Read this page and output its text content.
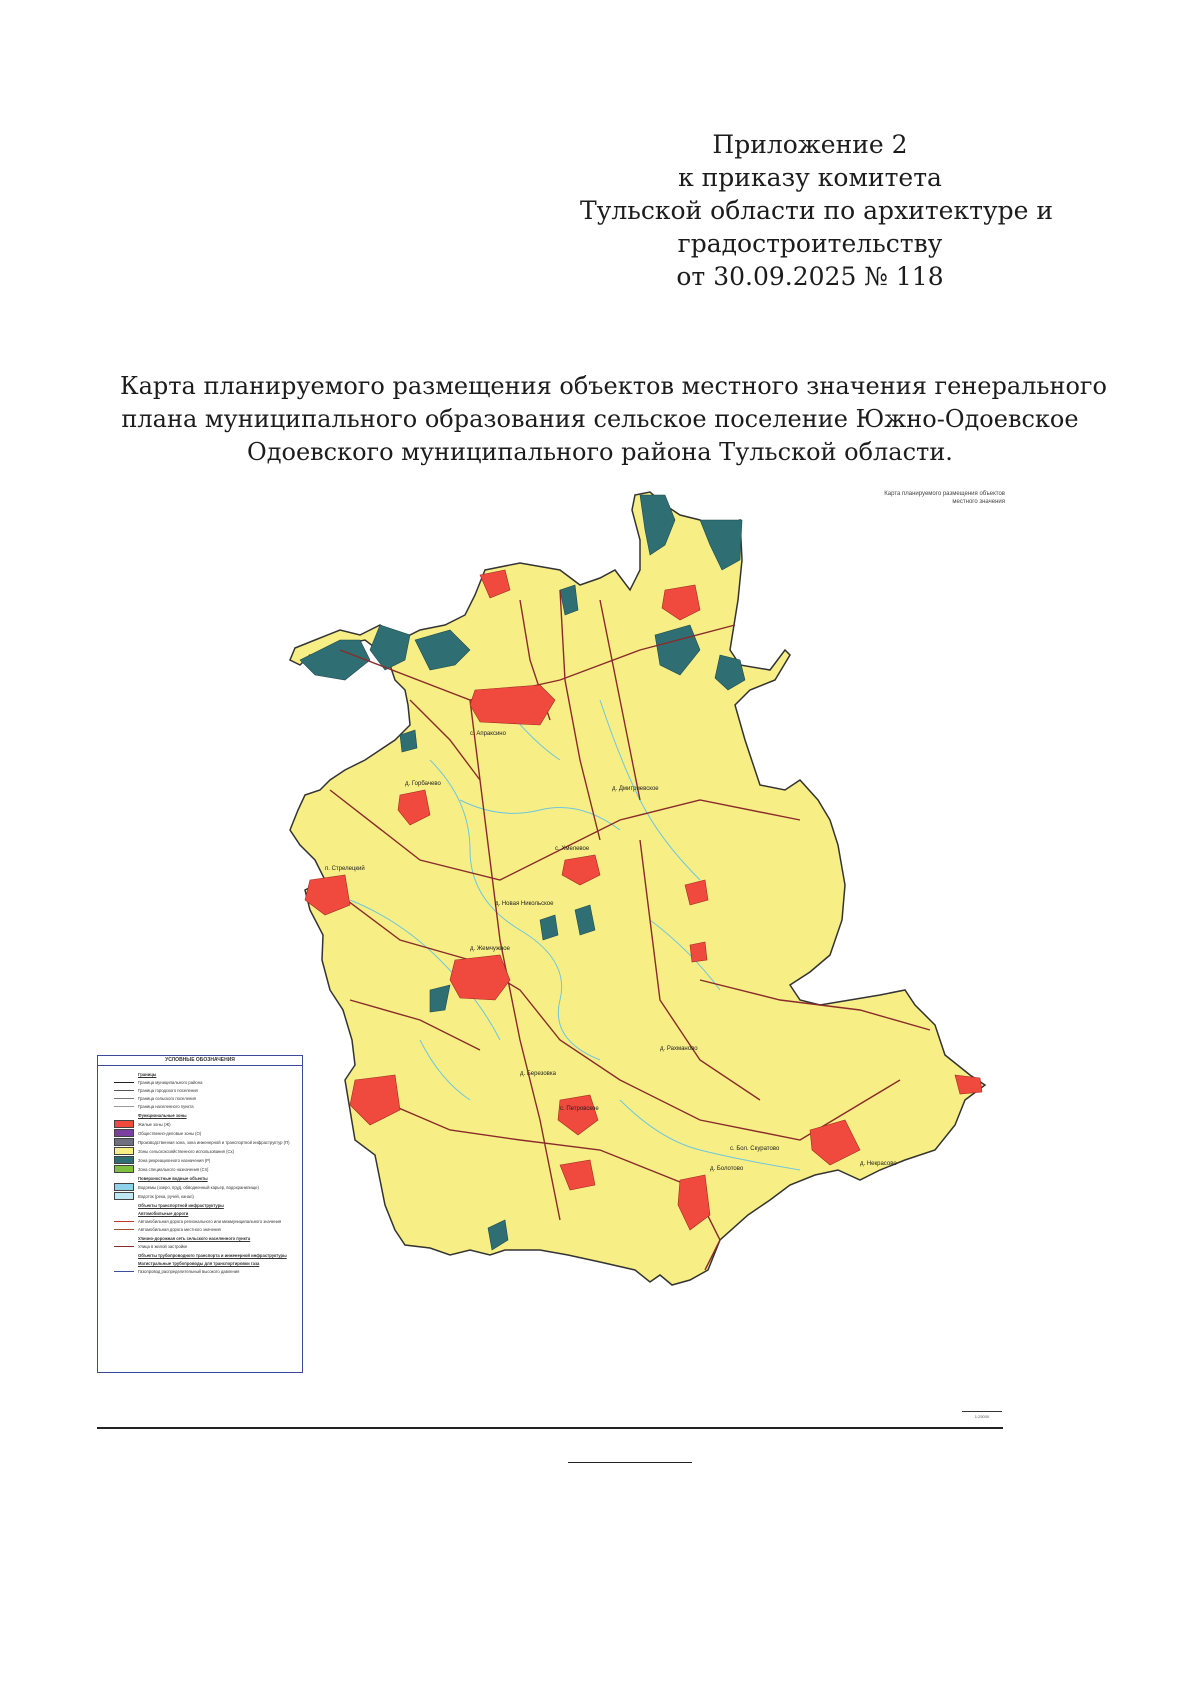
Приложение 2
к приказу комитета
Тульской области по архитектуре и
градостроительству
от 30.09.2025 № 118
Карта планируемого размещения объектов местного значения генерального
плана муниципального образования сельское поселение Южно-Одоевское
Одоевского муниципального района Тульской области.
п. Стрелецкий
д. Горбачево
с. Апраксино
д. Жемчужное
д. Новая Никольское
с. Хмелевое
д. Дмитриевское
д. Березовка
с. Петровское
д. Рахманово
д. Болотово
с. Бол. Скуратово
д. Некрасово
Карта планируемого размещения объектов
местного значения
УСЛОВНЫЕ ОБОЗНАЧЕНИЯ
Границы
Граница муниципального района
Граница городского поселения
Граница сельского поселения
Граница населенного пункта
Функциональные зоны
Жилые зоны (Ж)
Общественно-деловые зоны (О)
Производственная зона, зона инженерной и транспортной инфраструктур (П)
Зоны сельскохозяйственного использования (Сх)
Зона рекреационного назначения (Р)
Зона специального назначения (Сп)
Поверхностные водные объекты
Водоемы (озеро, пруд, обводненный карьер, водохранилище)
Водоток (река, ручей, канал)
Объекты транспортной инфраструктуры
Автомобильные дороги
Автомобильная дорога регионального или межмуниципального значения
Автомобильная дорога местного значения
Улично-дорожная сеть сельского населенного пункта
Улица в жилой застройке
Объекты трубопроводного транспорта и инженерной инфраструктуры
Магистральные трубопроводы для транспортировки газа
Газопровод распределительный высокого давления
1:25000
